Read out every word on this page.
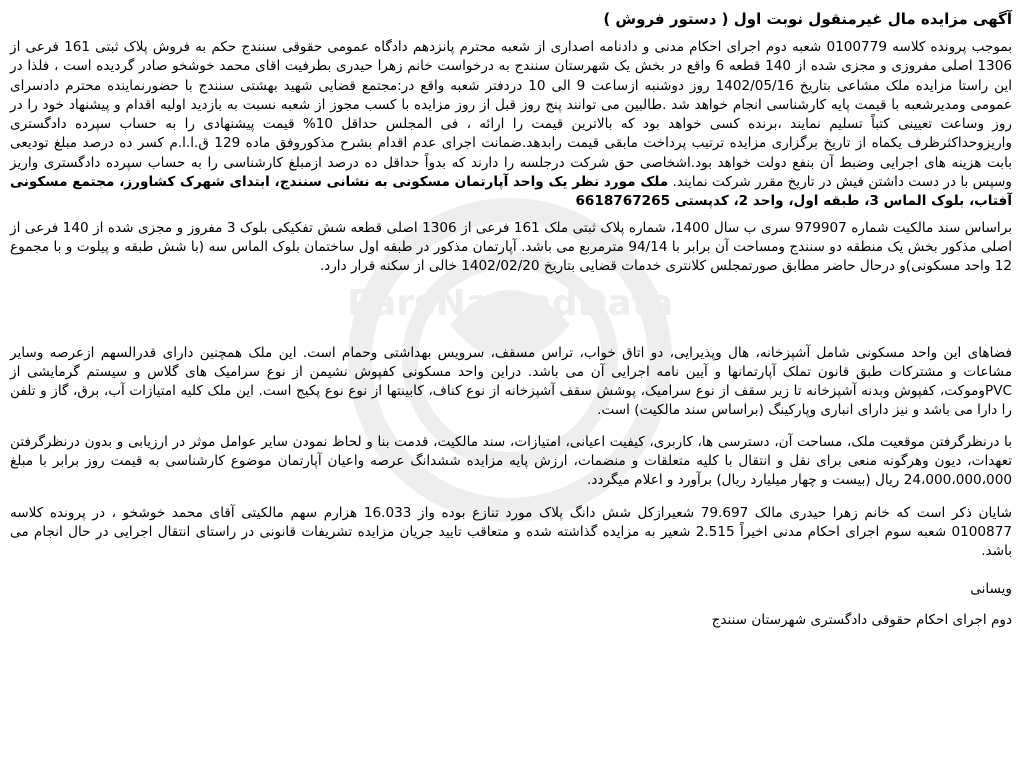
ParsNamadData
آگهی مزایده مال غیرمنقول نوبت اول ( دستور فروش )

بموجب پرونده کلاسه 0100779 شعبه دوم اجرای احکام مدنی و دادنامه اصداری از شعبه محترم پانزدهم دادگاه عمومی حقوقی سنندج حکم به فروش پلاک ثبتی 161 فرعی از 1306 اصلی مفروزی و مجزی شده از 140 قطعه 6 واقع در بخش یک شهرستان سنندج به درخواست خانم زهرا حیدری بطرفیت اقای محمد خوشخو صادر گردیده است ، فلذا در این راستا مزایده ملک مشاعی بتاریخ 1402/05/16 روز دوشنبه ازساعت 9 الی 10 دردفتر شعبه واقع در:مجتمع قضایی شهید بهشتی سنندج با حضورنماینده محترم دادسرای عمومی ومدیرشعبه با قیمت پایه کارشناسی انجام خواهد شد .طالبین می توانند پنج روز قبل از روز مزایده با کسب مجوز از شعبه نسبت به بازدید اولیه اقدام و پیشنهاد خود را در روز وساعت تعیینی کتباً تسلیم نمایند ،برنده کسی خواهد بود که بالاترین قیمت را ارائه ، فی المجلس حداقل 10% قیمت پیشنهادی را به حساب سپرده دادگستری واریزوحداکثرظرف یکماه از تاریخ برگزاری مزایده ترتیب پرداخت مابقی قیمت رابدهد.ضمانت اجرای عدم اقدام بشرح مذکوروفق ماده 129 ق.ا.ا.م کسر ده درصد مبلغ تودیعی بابت هزینه های اجرایی وضبط آن بنفع دولت خواهد بود.اشخاصی حق شرکت درجلسه را دارند که بدواً حداقل ده درصد ازمبلغ کارشناسی را به حساب سپرده دادگستری واریز وسپس با در دست داشتن فیش در تاریخ مقرر شرکت نمایند. ملک مورد نظر یک واحد آپارتمان مسکونی به نشانی سنندج، ابتدای شهرک کشاورز، مجتمع مسکونی آفتاب، بلوک الماس 3، طبقه اول، واحد 2، کدپستی 6618767265

براساس سند مالکیت شماره 979907 سری ب سال 1400، شماره پلاک ثبتی ملک 161 فرعی از 1306 اصلی قطعه شش تفکیکی بلوک 3 مفروز و مجزی شده از 140 فرعی از اصلی مذکور بخش یک منطقه دو سنندج ومساحت آن برابر با 94/14 مترمربع می باشد. آپارتمان مذکور در طبقه اول ساختمان بلوک الماس سه (با شش طبقه و پیلوت و با مجموع 12 واحد مسکونی)و درحال حاضر مطابق صورتمجلس کلانتری خدمات قضایی بتاریخ 1402/02/20 خالی از سکنه قرار دارد.

فضاهای این واحد مسکونی شامل آشپزخانه، هال وپذیرایی، دو اتاق خواب، تراس مسقف، سرویس بهداشتی وحمام است. این ملک همچنین دارای قدرالسهم ازعرصه وسایر مشاعات و مشترکات طبق قانون تملک آپارتمانها و آیین نامه اجرایی آن می باشد. دراین واحد مسکونی کفپوش نشیمن از نوع سرامیک های گلاس و سیستم گرمایشی از PVCوموکت، کفپوش وبدنه آشپزخانه تا زیر سقف از نوع سرامیک، پوشش سقف آشپزخانه از نوع کناف، کابینتها از نوع نوع پکیج است. این ملک کلیه امتیازات آب، برق، گاز و تلفن را دارا می باشد و نیز دارای انباری وپارکینگ (براساس سند مالکیت) است.

با درنظرگرفتن موقعیت ملک، مساحت آن، دسترسی ها، کاربری، کیفیت اعیانی، امتیازات، سند مالکیت، قدمت بنا و لحاظ نمودن سایر عوامل موثر در ارزیابی و بدون درنظرگرفتن تعهدات، دیون وهرگونه منعی برای نقل و انتقال با کلیه متعلقات و منضمات، ارزش پایه مزایده ششدانگ عرصه واعیان آپارتمان موضوع کارشناسی به قیمت روز برابر با مبلغ 24،000،000،000 ریال (بیست و چهار میلیارد ریال) برآورد و اعلام میگردد.

شایان ذکر است که خانم زهرا حیدری مالک 79.697 شعیرازکل شش دانگ پلاک مورد تنازع بوده واز 16.033 هزارم سهم مالکیتی آقای محمد خوشخو ، در پرونده کلاسه 0100877 شعبه سوم اجرای احکام مدنی اخیراً 2.515 شعیر به مزایده گذاشته شده و متعاقب تایید جریان مزایده تشریفات قانونی در راستای انتقال اجرایی در حال انجام می باشد.

ویسانی

دوم اجرای احکام حقوقی دادگستری شهرستان سنندج
